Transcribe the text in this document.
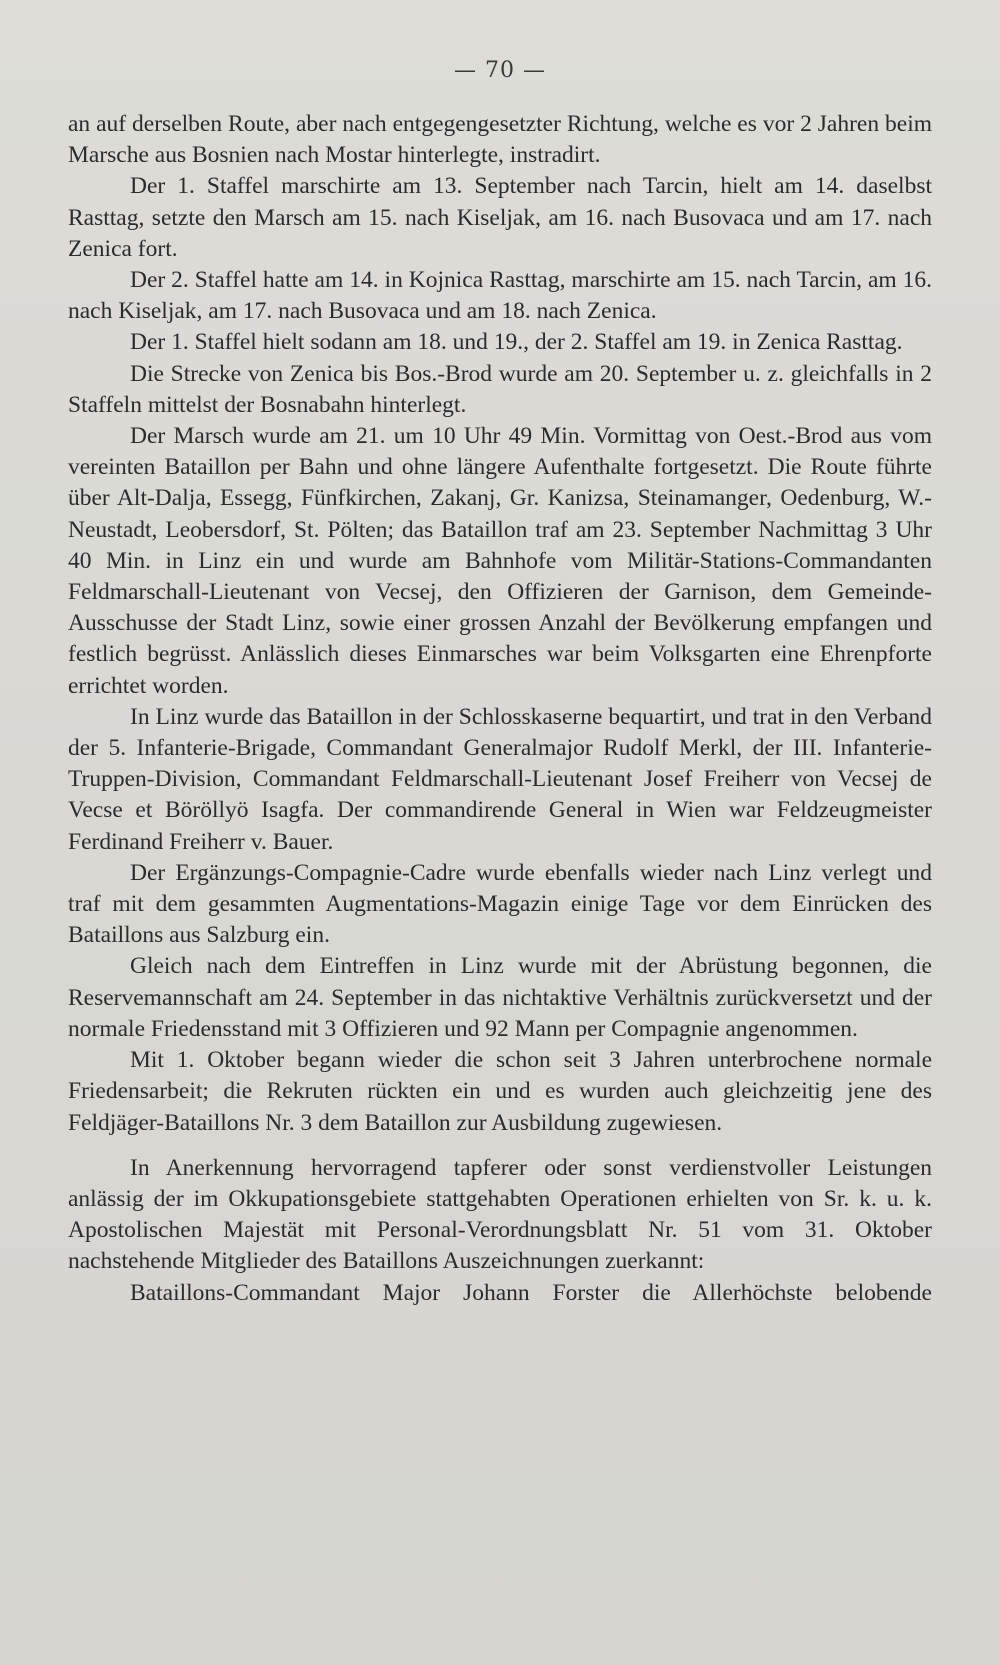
— 70 —

an auf derselben Route, aber nach entgegengesetzter Richtung, welche es vor 2 Jahren beim Marsche aus Bosnien nach Mostar hinterlegte, instradirt.

Der 1. Staffel marschirte am 13. September nach Tarcin, hielt am 14. daselbst Rasttag, setzte den Marsch am 15. nach Kiseljak, am 16. nach Busovaca und am 17. nach Zenica fort.

Der 2. Staffel hatte am 14. in Kojnica Rasttag, marschirte am 15. nach Tarcin, am 16. nach Kiseljak, am 17. nach Busovaca und am 18. nach Zenica.

Der 1. Staffel hielt sodann am 18. und 19., der 2. Staffel am 19. in Zenica Rasttag.

Die Strecke von Zenica bis Bos.-Brod wurde am 20. September u. z. gleichfalls in 2 Staffeln mittelst der Bosnabahn hinterlegt.

Der Marsch wurde am 21. um 10 Uhr 49 Min. Vormittag von Oest.-Brod aus vom vereinten Bataillon per Bahn und ohne längere Aufenthalte fortgesetzt. Die Route führte über Alt-Dalja, Essegg, Fünfkirchen, Zakanj, Gr. Kanizsa, Steinamanger, Oedenburg, W.-Neustadt, Leobersdorf, St. Pölten; das Bataillon traf am 23. September Nachmittag 3 Uhr 40 Min. in Linz ein und wurde am Bahnhofe vom Militär-Stations-Commandanten Feldmarschall-Lieutenant von Vecsej, den Offizieren der Garnison, dem Gemeinde-Ausschusse der Stadt Linz, sowie einer grossen Anzahl der Bevölkerung empfangen und festlich begrüsst. Anlässlich dieses Einmarsches war beim Volksgarten eine Ehrenpforte errichtet worden.

In Linz wurde das Bataillon in der Schlosskaserne bequartirt, und trat in den Verband der 5. Infanterie-Brigade, Commandant Generalmajor Rudolf Merkl, der III. Infanterie-Truppen-Division, Commandant Feldmarschall-Lieutenant Josef Freiherr von Vecsej de Vecse et Böröllyö Isagfa. Der commandirende General in Wien war Feldzeugmeister Ferdinand Freiherr v. Bauer.

Der Ergänzungs-Compagnie-Cadre wurde ebenfalls wieder nach Linz verlegt und traf mit dem gesammten Augmentations-Magazin einige Tage vor dem Einrücken des Bataillons aus Salzburg ein.

Gleich nach dem Eintreffen in Linz wurde mit der Abrüstung begonnen, die Reservemannschaft am 24. September in das nichtaktive Verhältnis zurückversetzt und der normale Friedensstand mit 3 Offizieren und 92 Mann per Compagnie angenommen.

Mit 1. Oktober begann wieder die schon seit 3 Jahren unterbrochene normale Friedensarbeit; die Rekruten rückten ein und es wurden auch gleichzeitig jene des Feldjäger-Bataillons Nr. 3 dem Bataillon zur Ausbildung zugewiesen.

In Anerkennung hervorragend tapferer oder sonst verdienstvoller Leistungen anlässig der im Okkupationsgebiete stattgehabten Operationen erhielten von Sr. k. u. k. Apostolischen Majestät mit Personal-Verordnungsblatt Nr. 51 vom 31. Oktober nachstehende Mitglieder des Bataillons Auszeichnungen zuerkannt:

Bataillons-Commandant Major Johann Forster die Allerhöchste belobende
